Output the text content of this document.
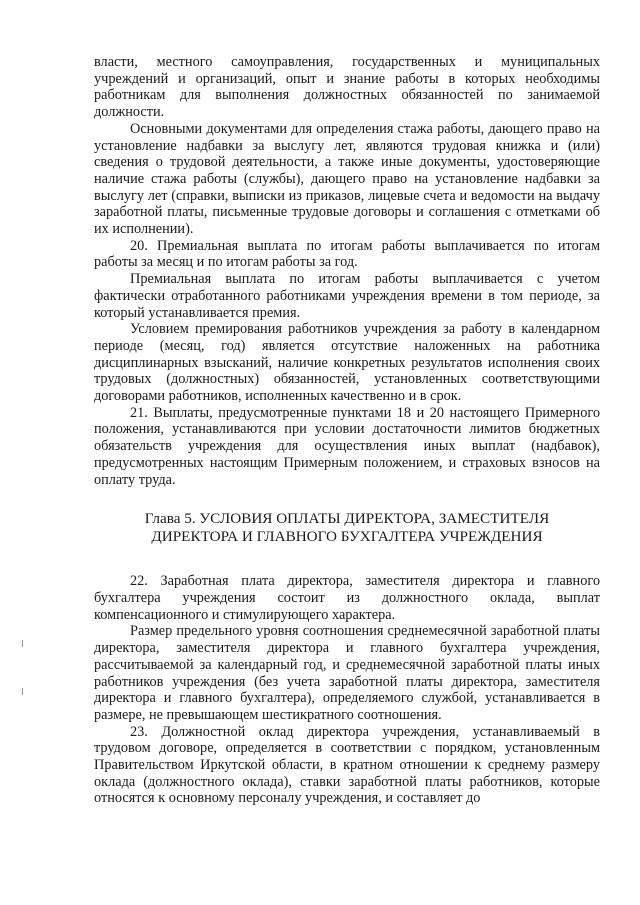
власти, местного самоуправления, государственных и муниципальных учреждений и организаций, опыт и знание работы в которых необходимы работникам для выполнения должностных обязанностей по занимаемой должности.

Основными документами для определения стажа работы, дающего право на установление надбавки за выслугу лет, являются трудовая книжка и (или) сведения о трудовой деятельности, а также иные документы, удостоверяющие наличие стажа работы (службы), дающего право на установление надбавки за выслугу лет (справки, выписки из приказов, лицевые счета и ведомости на выдачу заработной платы, письменные трудовые договоры и соглашения с отметками об их исполнении).

20. Премиальная выплата по итогам работы выплачивается по итогам работы за месяц и по итогам работы за год.

Премиальная выплата по итогам работы выплачивается с учетом фактически отработанного работниками учреждения времени в том периоде, за который устанавливается премия.

Условием премирования работников учреждения за работу в календарном периоде (месяц, год) является отсутствие наложенных на работника дисциплинарных взысканий, наличие конкретных результатов исполнения своих трудовых (должностных) обязанностей, установленных соответствующими договорами работников, исполненных качественно и в срок.

21. Выплаты, предусмотренные пунктами 18 и 20 настоящего Примерного положения, устанавливаются при условии достаточности лимитов бюджетных обязательств учреждения для осуществления иных выплат (надбавок), предусмотренных настоящим Примерным положением, и страховых взносов на оплату труда.

Глава 5. УСЛОВИЯ ОПЛАТЫ ДИРЕКТОРА, ЗАМЕСТИТЕЛЯ
ДИРЕКТОРА И ГЛАВНОГО БУХГАЛТЕРА УЧРЕЖДЕНИЯ

22. Заработная плата директора, заместителя директора и главного бухгалтера учреждения состоит из должностного оклада, выплат компенсационного и стимулирующего характера.

Размер предельного уровня соотношения среднемесячной заработной платы директора, заместителя директора и главного бухгалтера учреждения, рассчитываемой за календарный год, и среднемесячной заработной платы иных работников учреждения (без учета заработной платы директора, заместителя директора и главного бухгалтера), определяемого службой, устанавливается в размере, не превышающем шестикратного соотношения.

23. Должностной оклад директора учреждения, устанавливаемый в трудовом договоре, определяется в соответствии с порядком, установленным Правительством Иркутской области, в кратном отношении к среднему размеру оклада (должностного оклада), ставки заработной платы работников, которые относятся к основному персоналу учреждения, и составляет до
